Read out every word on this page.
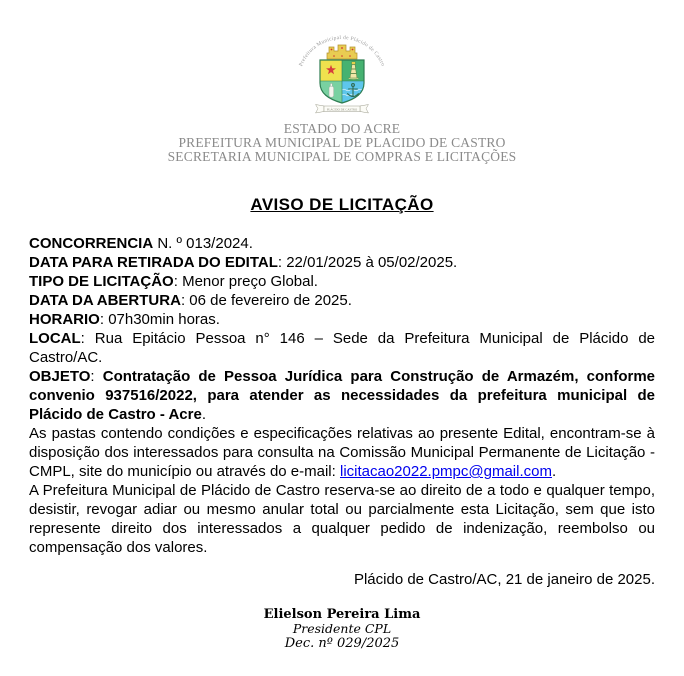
Prefeitura Municipal de Plácido de Castro
PLÁCIDO DE CASTRO
ESTADO DO ACRE
PREFEITURA MUNICIPAL DE PLACIDO DE CASTRO
SECRETARIA MUNICIPAL DE COMPRAS E LICITAÇÕES
AVISO DE LICITAÇÃO

CONCORRENCIA N. º 013/2024.

DATA PARA RETIRADA DO EDITAL: 22/01/2025 à 05/02/2025.

TIPO DE LICITAÇÃO: Menor preço Global.

DATA DA ABERTURA: 06 de fevereiro de 2025.

HORARIO: 07h30min horas.

LOCAL: Rua Epitácio Pessoa n° 146 – Sede da Prefeitura Municipal de Plácido de Castro/AC.

OBJETO: Contratação de Pessoa Jurídica para Construção de Armazém, conforme convenio 937516/2022, para atender as necessidades da prefeitura municipal de Plácido de Castro - Acre.

As pastas contendo condições e especificações relativas ao presente Edital, encontram-se à disposição dos interessados para consulta na Comissão Municipal Permanente de Licitação - CMPL, site do município ou através do e-mail: licitacao2022.pmpc@gmail.com.

A Prefeitura Municipal de Plácido de Castro reserva-se ao direito de a todo e qualquer tempo, desistir, revogar adiar ou mesmo anular total ou parcialmente esta Licitação, sem que isto represente direito dos interessados a qualquer pedido de indenização, reembolso ou compensação dos valores.

Plácido de Castro/AC, 21 de janeiro de 2025.
Elielson Pereira Lima
Presidente CPL
Dec. nº 029/2025
